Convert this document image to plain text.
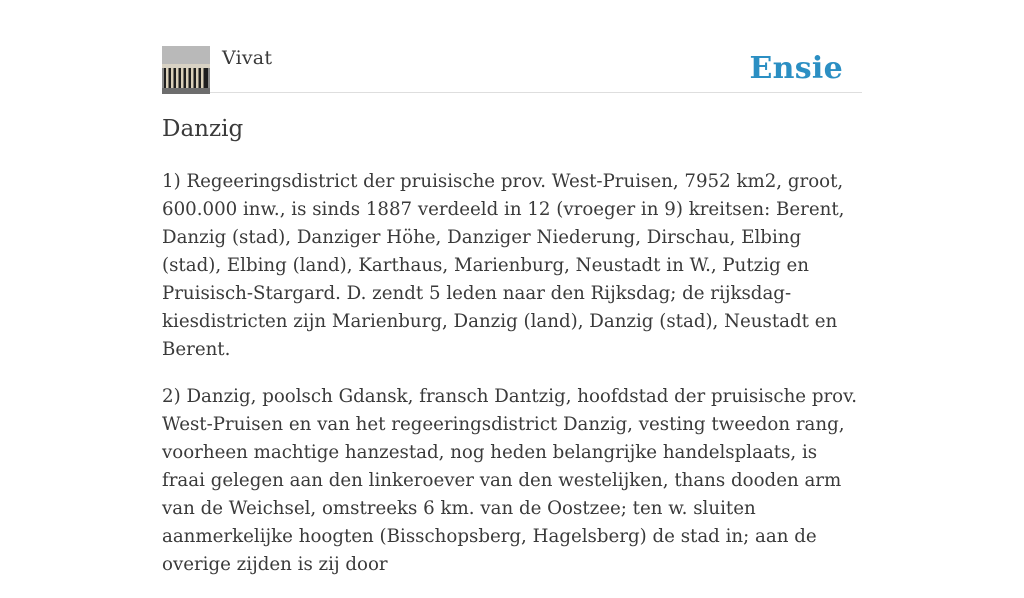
Vivat	Ensie
Danzig

1) Regeeringsdistrict der pruisische prov. West-Pruisen, 7952 km2, groot, 600.000 inw., is sinds 1887 verdeeld in 12 (vroeger in 9) kreitsen: Berent, Danzig (stad), Danziger Höhe, Danziger Niederung, Dirschau, Elbing (stad), Elbing (land), Karthaus, Marienburg, Neustadt in W., Putzig en Pruisisch-Stargard. D. zendt 5 leden naar den Rijksdag; de rijksdag-kiesdistricten zijn Marienburg, Danzig (land), Danzig (stad), Neustadt en Berent.

2) Danzig, poolsch Gdansk, fransch Dantzig, hoofdstad der pruisische prov. West-Pruisen en van het regeeringsdistrict Danzig, vesting tweedon rang, voorheen machtige hanzestad, nog heden belangrijke handelsplaats, is fraai gelegen aan den linkeroever van den westelijken, thans dooden arm van de Weichsel, omstreeks 6 km. van de Oostzee; ten w. sluiten aanmerkelijke hoogten (Bisschopsberg, Hagelsberg) de stad in; aan de overige zijden is zij door
